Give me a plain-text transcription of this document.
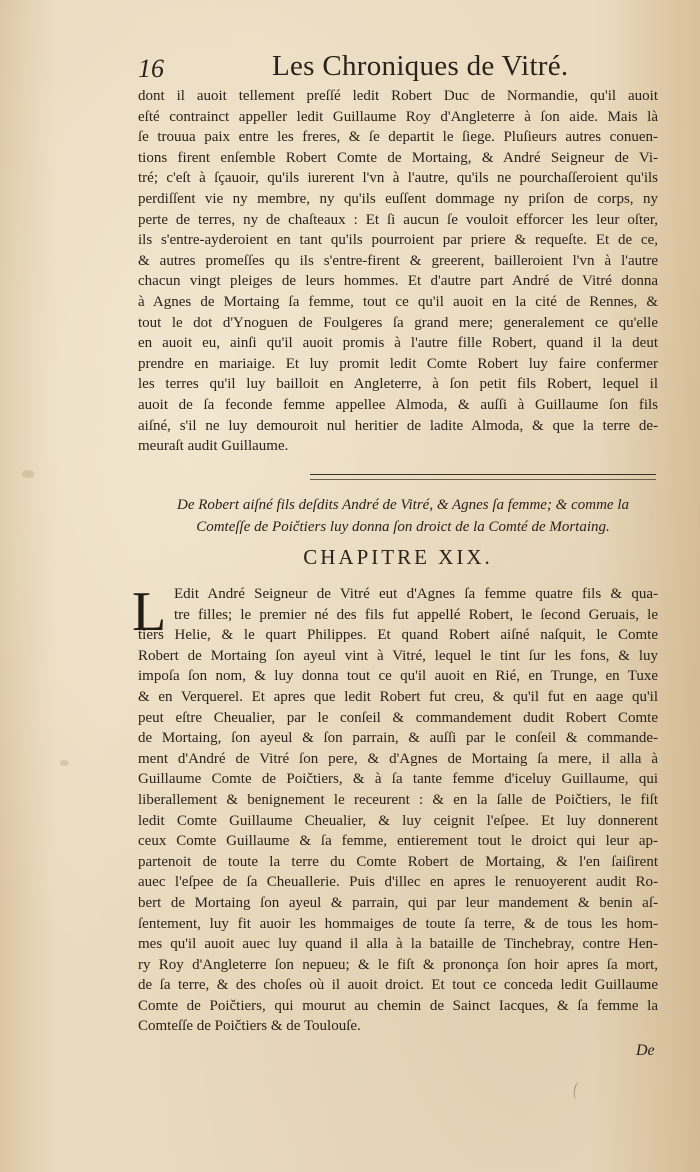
16	Les Chroniques de Vitré.
dont il auoit tellement preſſé ledit Robert Duc de Normandie, qu'il auoit
eſté contrainct appeller ledit Guillaume Roy d'Angleterre à ſon aide. Mais là
ſe trouua paix entre les freres, & ſe departit le ſiege. Pluſieurs autres conuen-
tions firent enſemble Robert Comte de Mortaing, & André Seigneur de Vi-
tré; c'eſt à ſçauoir, qu'ils iurerent l'vn à l'autre, qu'ils ne pourchaſſeroient qu'ils
perdiſſent vie ny membre, ny qu'ils euſſent dommage ny priſon de corps, ny
perte de terres, ny de chaſteaux : Et ſi aucun ſe vouloit efforcer les leur oſter,
ils s'entre-ayderoient en tant qu'ils pourroient par priere & requeſte. Et de ce,
& autres promeſſes qu ils s'entre-firent & greerent, bailleroient l'vn à l'autre
chacun vingt pleiges de leurs hommes. Et d'autre part André de Vitré donna
à Agnes de Mortaing ſa femme, tout ce qu'il auoit en la cité de Rennes, &
tout le dot d'Ynoguen de Foulgeres ſa grand mere; generalement ce qu'elle
en auoit eu, ainſi qu'il auoit promis à l'autre fille Robert, quand il la deut
prendre en mariaige. Et luy promit ledit Comte Robert luy faire confermer
les terres qu'il luy bailloit en Angleterre, à ſon petit fils Robert, lequel il
auoit de ſa feconde femme appellee Almoda, & auſſi à Guillaume ſon fils
aiſné, s'il ne luy demouroit nul heritier de ladite Almoda, & que la terre de-
meuraſt audit Guillaume.
De Robert aiſné fils deſdits André de Vitré, & Agnes ſa femme; & comme la
Comteſſe de Poičtiers luy donna ſon droict de la Comté de Mortaing.
CHAPITRE XIX.
L Edit André Seigneur de Vitré eut d'Agnes ſa femme quatre fils & qua-
tre filles; le premier né des fils fut appellé Robert, le ſecond Geruais, le
tiers Helie, & le quart Philippes. Et quand Robert aiſné naſquit, le Comte
Robert de Mortaing ſon ayeul vint à Vitré, lequel le tint ſur les fons, & luy
impoſa ſon nom, & luy donna tout ce qu'il auoit en Rié, en Trunge, en Tuxe
& en Verquerel. Et apres que ledit Robert fut creu, & qu'il fut en aage qu'il
peut eſtre Cheualier, par le conſeil & commandement dudit Robert Comte
de Mortaing, ſon ayeul & ſon parrain, & auſſi par le conſeil & commande-
ment d'André de Vitré ſon pere, & d'Agnes de Mortaing ſa mere, il alla à
Guillaume Comte de Poičtiers, & à ſa tante femme d'iceluy Guillaume, qui
liberallement & benignement le receurent : & en la ſalle de Poičtiers, le fiſt
ledit Comte Guillaume Cheualier, & luy ceignit l'eſpee. Et luy donnerent
ceux Comte Guillaume & ſa femme, entierement tout le droict qui leur ap-
partenoit de toute la terre du Comte Robert de Mortaing, & l'en ſaiſirent
auec l'eſpee de ſa Cheuallerie. Puis d'illec en apres le renuoyerent audit Ro-
bert de Mortaing ſon ayeul & parrain, qui par leur mandement & benin aſ-
ſentement, luy fit auoir les hommaiges de toute ſa terre, & de tous les hom-
mes qu'il auoit auec luy quand il alla à la bataille de Tinchebray, contre Hen-
ry Roy d'Angleterre ſon nepueu; & le fiſt & prononça ſon hoir apres ſa mort,
de ſa terre, & des choſes où il auoit droict. Et tout ce conceda ledit Guillaume
Comte de Poičtiers, qui mourut au chemin de Sainct Iacques, & ſa femme la
Comteſſe de Poičtiers & de Toulouſe.
De
